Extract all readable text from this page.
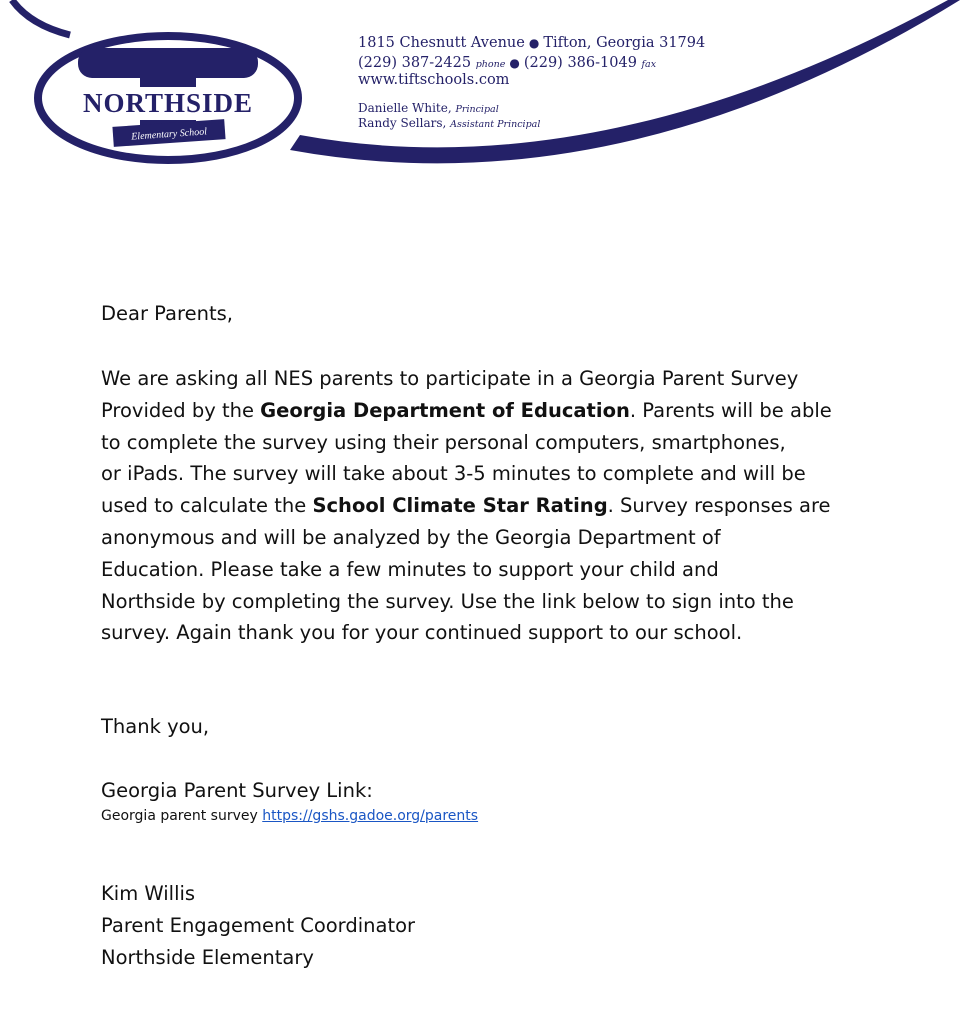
NORTHSIDE
Elementary School
1815 Chesnutt Avenue ● Tifton, Georgia 31794
(229) 387-2425 phone ● (229) 386-1049 fax
www.tiftschools.com
Danielle White, Principal
Randy Sellars, Assistant Principal
Dear Parents,
We are asking all NES parents to participate in a Georgia Parent Survey
Provided by the Georgia Department of Education. Parents will be able
to complete the survey using their personal computers, smartphones,
or iPads. The survey will take about 3-5 minutes to complete and will be
used to calculate the School Climate Star Rating. Survey responses are
anonymous and will be analyzed by the Georgia Department of
Education. Please take a few minutes to support your child and
Northside by completing the survey. Use the link below to sign into the
survey. Again thank you for your continued support to our school.
Thank you,
Georgia Parent Survey Link:
Georgia parent survey https://gshs.gadoe.org/parents
Kim Willis
Parent Engagement Coordinator
Northside Elementary
